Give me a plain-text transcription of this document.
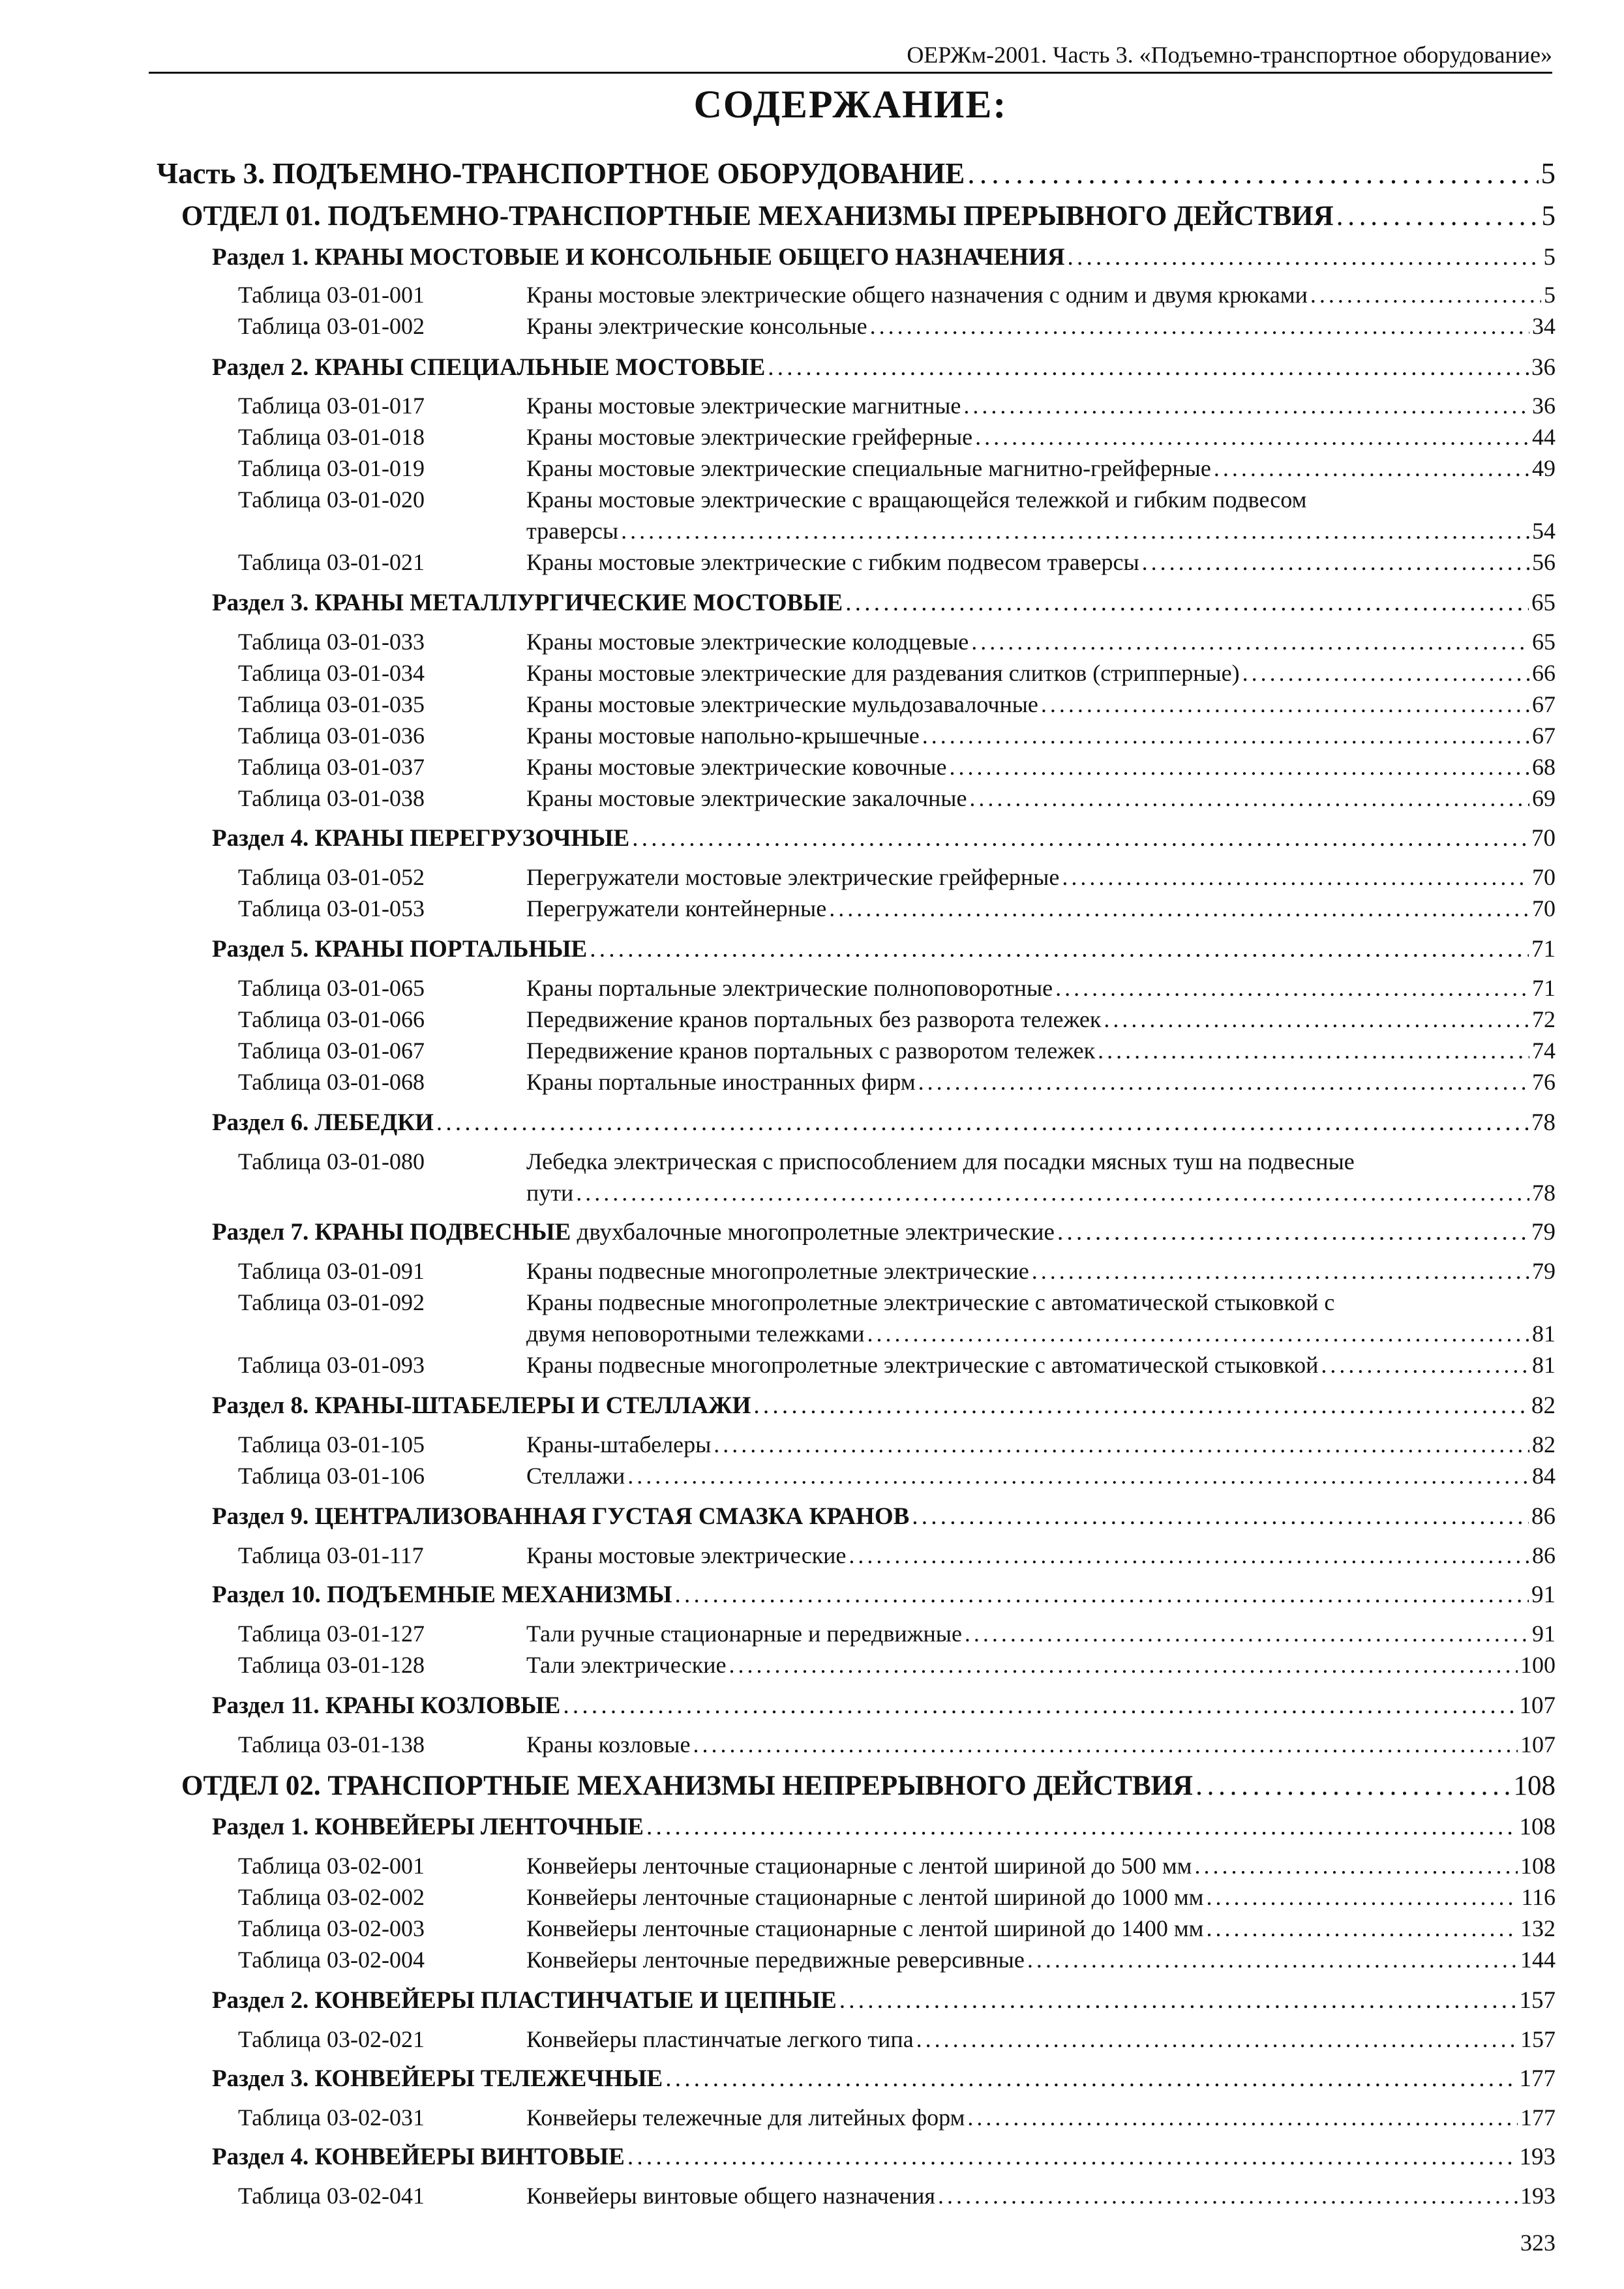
ОЕРЖм-2001. Часть 3. «Подъемно-транспортное оборудование»
СОДЕРЖАНИЕ:
Часть 3. ПОДЪЕМНО-ТРАНСПОРТНОЕ ОБОРУДОВАНИЕ . . .	5
ОТДЕЛ 01. ПОДЪЕМНО-ТРАНСПОРТНЫЕ МЕХАНИЗМЫ ПРЕРЫВНОГО ДЕЙСТВИЯ . . .	5
Раздел 1. КРАНЫ МОСТОВЫЕ И КОНСОЛЬНЫЕ ОБЩЕГО НАЗНАЧЕНИЯ . . .	5
Таблица 03-01-001	Краны мостовые электрические общего назначения с одним и двумя крюками . . .	5
Таблица 03-01-002	Краны электрические консольные . . .	34
Раздел 2. КРАНЫ СПЕЦИАЛЬНЫЕ МОСТОВЫЕ . . .	36
Таблица 03-01-017	Краны мостовые электрические магнитные . . .	36
Таблица 03-01-018	Краны мостовые электрические грейферные . . .	44
Таблица 03-01-019	Краны мостовые электрические специальные магнитно-грейферные . . .	49
Таблица 03-01-020	Краны мостовые электрические с вращающейся тележкой и гибким подвесом
траверсы . . .	54
Таблица 03-01-021	Краны мостовые электрические с гибким подвесом траверсы . . .	56
Раздел 3. КРАНЫ МЕТАЛЛУРГИЧЕСКИЕ МОСТОВЫЕ . . .	65
Таблица 03-01-033	Краны мостовые электрические колодцевые . . .	65
Таблица 03-01-034	Краны мостовые электрические для раздевания слитков (стрипперные) . . .	66
Таблица 03-01-035	Краны мостовые электрические мульдозавалочные . . .	67
Таблица 03-01-036	Краны мостовые напольно-крышечные . . .	67
Таблица 03-01-037	Краны мостовые электрические ковочные . . .	68
Таблица 03-01-038	Краны мостовые электрические закалочные . . .	69
Раздел 4. КРАНЫ ПЕРЕГРУЗОЧНЫЕ . . .	70
Таблица 03-01-052	Перегружатели мостовые электрические грейферные . . .	70
Таблица 03-01-053	Перегружатели контейнерные . . .	70
Раздел 5. КРАНЫ ПОРТАЛЬНЫЕ . . .	71
Таблица 03-01-065	Краны портальные электрические полноповоротные . . .	71
Таблица 03-01-066	Передвижение кранов портальных без разворота тележек . . .	72
Таблица 03-01-067	Передвижение кранов портальных с разворотом тележек . . .	74
Таблица 03-01-068	Краны портальные иностранных фирм . . .	76
Раздел 6. ЛЕБЕДКИ . . .	78
Таблица 03-01-080	Лебедка электрическая с приспособлением для посадки мясных туш на подвесные
пути . . .	78
Раздел 7. КРАНЫ ПОДВЕСНЫЕ двухбалочные многопролетные электрические . . .	79
Таблица 03-01-091	Краны подвесные многопролетные электрические . . .	79
Таблица 03-01-092	Краны подвесные многопролетные электрические с автоматической стыковкой с
двумя неповоротными тележками . . .	81
Таблица 03-01-093	Краны подвесные многопролетные электрические с автоматической стыковкой . . .	81
Раздел 8. КРАНЫ-ШТАБЕЛЕРЫ И СТЕЛЛАЖИ . . .	82
Таблица 03-01-105	Краны-штабелеры . . .	82
Таблица 03-01-106	Стеллажи . . .	84
Раздел 9. ЦЕНТРАЛИЗОВАННАЯ ГУСТАЯ СМАЗКА КРАНОВ . . .	86
Таблица 03-01-117	Краны мостовые электрические . . .	86
Раздел 10. ПОДЪЕМНЫЕ МЕХАНИЗМЫ . . .	91
Таблица 03-01-127	Тали ручные стационарные и передвижные . . .	91
Таблица 03-01-128	Тали электрические . . .	100
Раздел 11. КРАНЫ КОЗЛОВЫЕ . . .	107
Таблица 03-01-138	Краны козловые . . .	107
ОТДЕЛ 02. ТРАНСПОРТНЫЕ МЕХАНИЗМЫ НЕПРЕРЫВНОГО ДЕЙСТВИЯ . . .	108
Раздел 1. КОНВЕЙЕРЫ ЛЕНТОЧНЫЕ . . .	108
Таблица 03-02-001	Конвейеры ленточные стационарные с лентой шириной до 500 мм . . .	108
Таблица 03-02-002	Конвейеры ленточные стационарные с лентой шириной до 1000 мм . . .	116
Таблица 03-02-003	Конвейеры ленточные стационарные с лентой шириной до 1400 мм . . .	132
Таблица 03-02-004	Конвейеры ленточные передвижные реверсивные . . .	144
Раздел 2. КОНВЕЙЕРЫ ПЛАСТИНЧАТЫЕ И ЦЕПНЫЕ . . .	157
Таблица 03-02-021	Конвейеры пластинчатые легкого типа . . .	157
Раздел 3. КОНВЕЙЕРЫ ТЕЛЕЖЕЧНЫЕ . . .	177
Таблица 03-02-031	Конвейеры тележечные для литейных форм . . .	177
Раздел 4. КОНВЕЙЕРЫ ВИНТОВЫЕ . . .	193
Таблица 03-02-041	Конвейеры винтовые общего назначения . . .	193
323
